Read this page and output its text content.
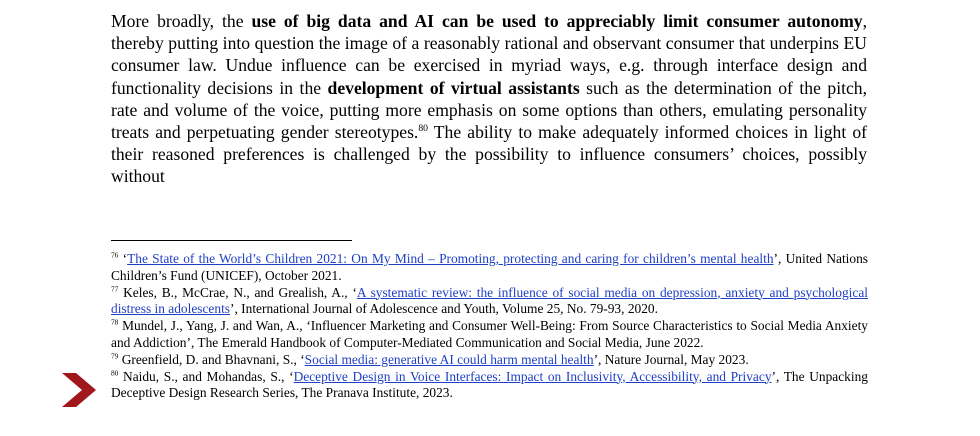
More broadly, the use of big data and AI can be used to appreciably limit consumer autonomy, thereby putting into question the image of a reasonably rational and observant consumer that underpins EU consumer law. Undue influence can be exercised in myriad ways, e.g. through interface design and functionality decisions in the development of virtual assistants such as the determination of the pitch, rate and volume of the voice, putting more emphasis on some options than others, emulating personality treats and perpetuating gender stereotypes.$^{80}$ The ability to make adequately informed choices in light of their reasoned preferences is challenged by the possibility to influence consumers’ choices, possibly without

$^{76}$ ‘The State of the World’s Children 2021: On My Mind – Promoting, protecting and caring for children’s mental health’, United Nations Children’s Fund (UNICEF), October 2021.

$^{77}$ Keles, B., McCrae, N., and Grealish, A., ‘A systematic review: the influence of social media on depression, anxiety and psychological distress in adolescents’, International Journal of Adolescence and Youth, Volume 25, No. 79-93, 2020.

$^{78}$ Mundel, J., Yang, J. and Wan, A., ‘Influencer Marketing and Consumer Well-Being: From Source Characteristics to Social Media Anxiety and Addiction’, The Emerald Handbook of Computer-Mediated Communication and Social Media, June 2022.

$^{79}$ Greenfield, D. and Bhavnani, S., ‘Social media: generative AI could harm mental health’, Nature Journal, May 2023.

$^{80}$ Naidu, S., and Mohandas, S., ‘Deceptive Design in Voice Interfaces: Impact on Inclusivity, Accessibility, and Privacy’, The Unpacking Deceptive Design Research Series, The Pranava Institute, 2023.
